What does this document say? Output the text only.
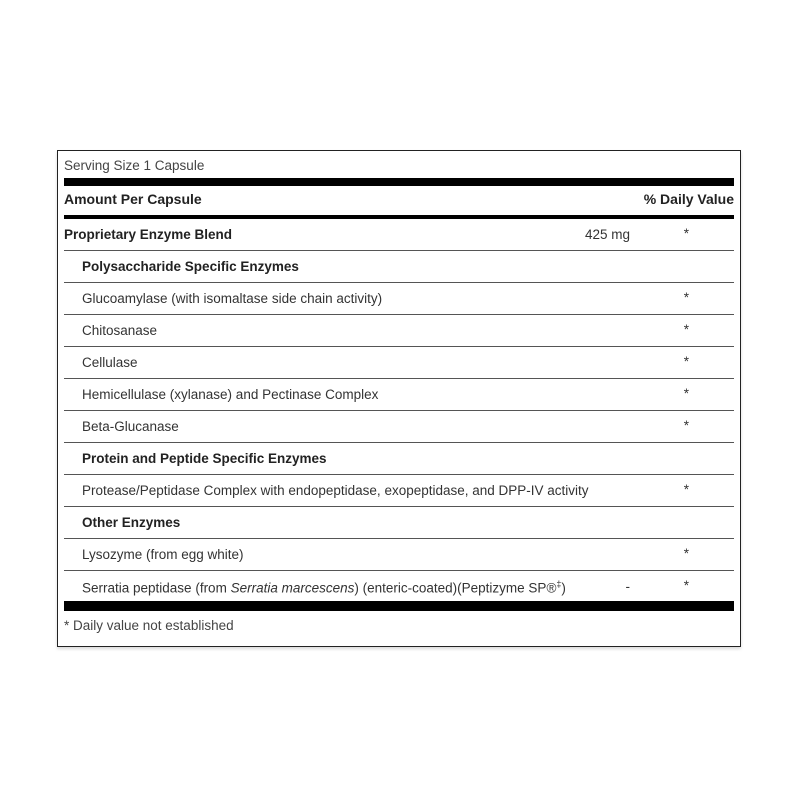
Serving Size 1 Capsule
Amount Per Capsule	% Daily Value
Proprietary Enzyme Blend	425 mg	*
Polysaccharide Specific Enzymes
Glucoamylase (with isomaltase side chain activity)	*
Chitosanase	*
Cellulase	*
Hemicellulase (xylanase) and Pectinase Complex	*
Beta-Glucanase	*
Protein and Peptide Specific Enzymes
Protease/Peptidase Complex with endopeptidase, exopeptidase, and DPP-IV activity	*
Other Enzymes
Lysozyme (from egg white)	*
Serratia peptidase (from Serratia marcescens) (enteric-coated)(Peptizyme SP®‡)	-	*
* Daily value not established
